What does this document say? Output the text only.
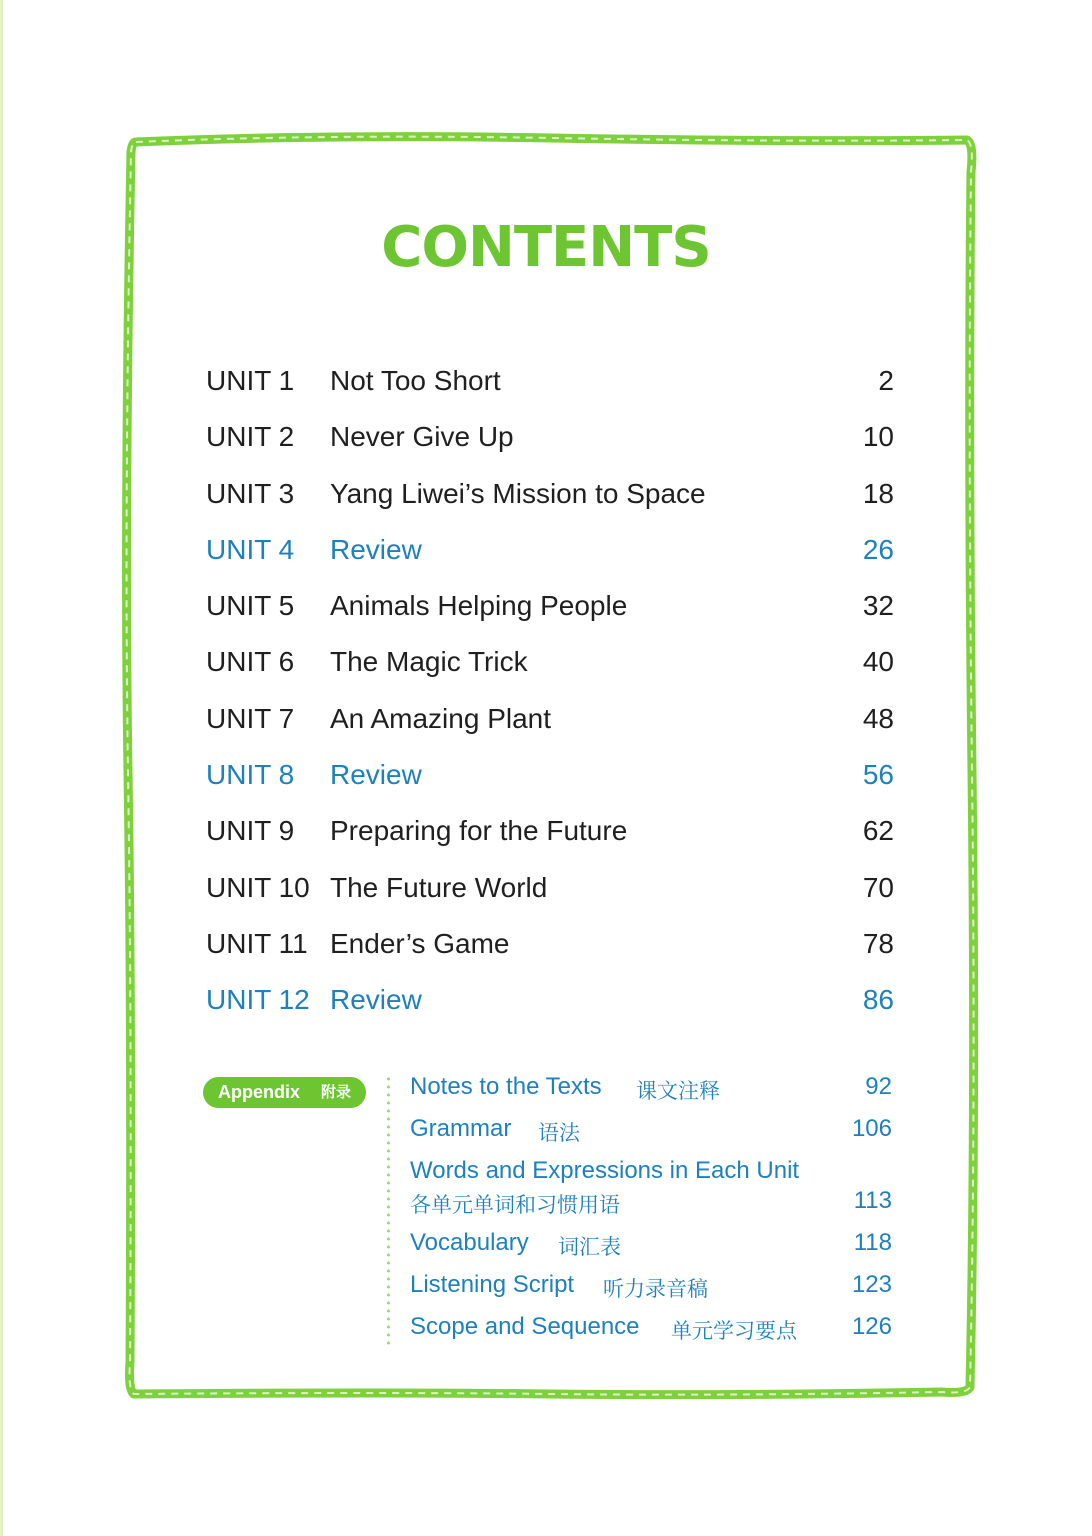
CONTENTS
UNIT 1 Not Too Short	2
UNIT 2 Never Give Up	10
UNIT 3 Yang Liwei’s Mission to Space	18
UNIT 4 Review	26
UNIT 5 Animals Helping People	32
UNIT 6 The Magic Trick	40
UNIT 7 An Amazing Plant	48
UNIT 8 Review	56
UNIT 9 Preparing for the Future	62
UNIT 10 The Future World	70
UNIT 11 Ender’s Game	78
UNIT 12 Review	86
Appendix 附录 Notes to the Texts 课文注释	92
Grammar 语法	106
Words and Expressions in Each Unit
各单元单词和习惯用语	113
Vocabulary 词汇表	118
Listening Script 听力录音稿	123
Scope and Sequence 单元学习要点 126
